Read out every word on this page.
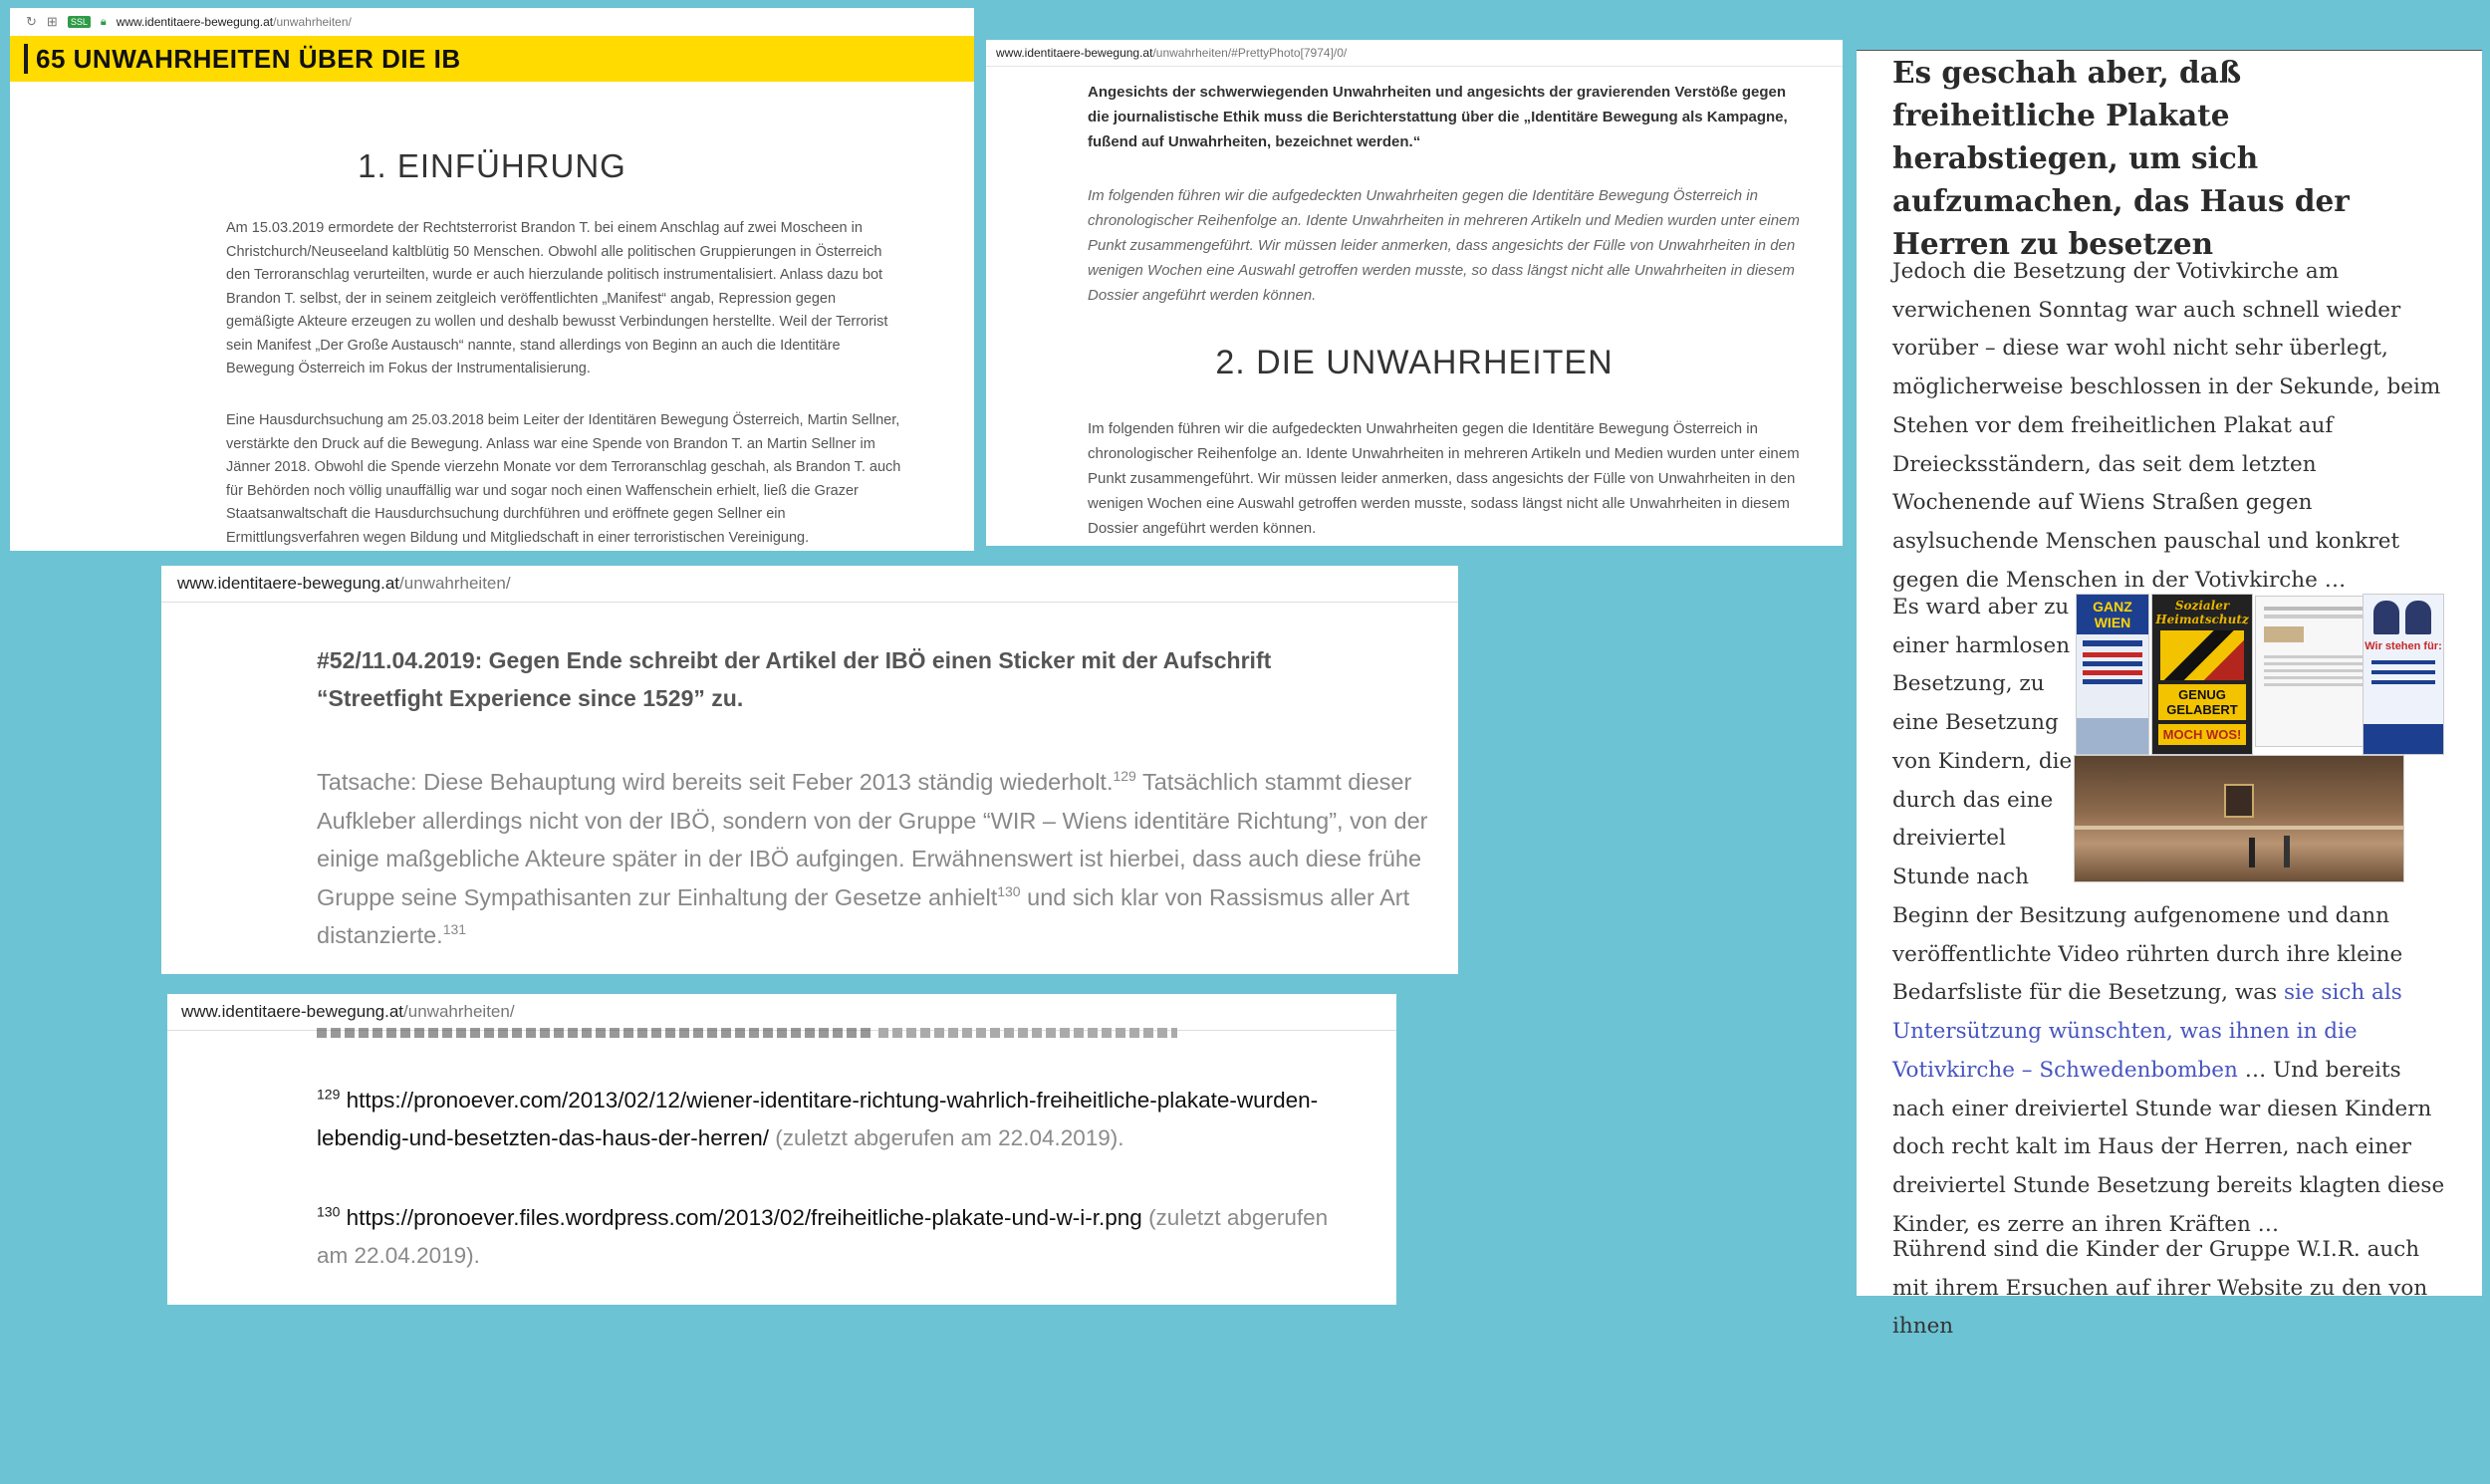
↻ ⊞	SSL 🔒︎ www.identitaere-bewegung.at/unwahrheiten/
65 UNWAHRHEITEN ÜBER DIE IB
1. EINFÜHRUNG

Am 15.03.2019 ermordete der Rechtsterrorist Brandon T. bei einem Anschlag auf zwei Moscheen in Christchurch/Neuseeland kaltblütig 50 Menschen. Obwohl alle politischen Gruppierungen in Österreich den Terroranschlag verurteilten, wurde er auch hierzulande politisch instrumentalisiert. Anlass dazu bot Brandon T. selbst, der in seinem zeitgleich veröffentlichten „Manifest“ angab, Repression gegen gemäßigte Akteure erzeugen zu wollen und deshalb bewusst Verbindungen herstellte. Weil der Terrorist sein Manifest „Der Große Austausch“ nannte, stand allerdings von Beginn an auch die Identitäre Bewegung Österreich im Fokus der Instrumentalisierung.

Eine Hausdurchsuchung am 25.03.2018 beim Leiter der Identitären Bewegung Österreich, Martin Sellner, verstärkte den Druck auf die Bewegung. Anlass war eine Spende von Brandon T. an Martin Sellner im Jänner 2018. Obwohl die Spende vierzehn Monate vor dem Terroranschlag geschah, als Brandon T. auch für Behörden noch völlig unauffällig war und sogar noch einen Waffenschein erhielt, ließ die Grazer Staatsanwaltschaft die Hausdurchsuchung durchführen und eröffnete gegen Sellner ein Ermittlungsverfahren wegen Bildung und Mitgliedschaft in einer terroristischen Vereinigung.

www.identitaere-bewegung.at/unwahrheiten/#PrettyPhoto[7974]/0/

Angesichts der schwerwiegenden Unwahrheiten und angesichts der gravierenden Verstöße gegen die journalistische Ethik muss die Berichterstattung über die „Identitäre Bewegung als Kampagne, fußend auf Unwahrheiten, bezeichnet werden.“

Im folgenden führen wir die aufgedeckten Unwahrheiten gegen die Identitäre Bewegung Österreich in chronologischer Reihenfolge an. Idente Unwahrheiten in mehreren Artikeln und Medien wurden unter einem Punkt zusammengeführt. Wir müssen leider anmerken, dass angesichts der Fülle von Unwahrheiten in den wenigen Wochen eine Auswahl getroffen werden musste, so dass längst nicht alle Unwahrheiten in diesem Dossier angeführt werden können.

2. DIE UNWAHRHEITEN

Im folgenden führen wir die aufgedeckten Unwahrheiten gegen die Identitäre Bewegung Österreich in chronologischer Reihenfolge an. Idente Unwahrheiten in mehreren Artikeln und Medien wurden unter einem Punkt zusammengeführt. Wir müssen leider anmerken, dass angesichts der Fülle von Unwahrheiten in den wenigen Wochen eine Auswahl getroffen werden musste, sodass längst nicht alle Unwahrheiten in diesem Dossier angeführt werden können.

Es geschah aber, daß freiheitliche Plakate herabstiegen, um sich aufzumachen, das Haus der Herren zu besetzen

Jedoch die Besetzung der Votivkirche am verwichenen Sonntag war auch schnell wieder vorüber – diese war wohl nicht sehr überlegt, möglicherweise beschlossen in der Sekunde, beim Stehen vor dem freiheitlichen Plakat auf Dreiecksständern, das seit dem letzten Wochenende auf Wiens Straßen gegen asylsuchende Menschen pauschal und konkret gegen die Menschen in der Votivkirche …

Es ward aber zu
einer harmlosen
Besetzung, zu
eine Besetzung
von Kindern, die
durch das eine
dreiviertel
Stunde nach

Beginn der Besitzung aufgenomene und dann veröffentlichte Video rührten durch ihre kleine Bedarfsliste für die Besetzung, was sie sich als Untersützung wünschten, was ihnen in die Votivkirche – Schwedenbomben … Und bereits nach einer dreiviertel Stunde war diesen Kindern doch recht kalt im Haus der Herren, nach einer dreiviertel Stunde Besetzung bereits klagten diese Kinder, es zerre an ihren Kräften …

Rührend sind die Kinder der Gruppe W.I.R. auch mit ihrem Ersuchen auf ihrer Website zu den von ihnen

GANZ WIEN
Sozialer Heimatschutz
GENUG GELABERT
MOCH WOS!
Wir stehen für:
www.identitaere-bewegung.at/unwahrheiten/

#52/11.04.2019: Gegen Ende schreibt der Artikel der IBÖ einen Sticker mit der Aufschrift “Streetfight Experience since 1529” zu.

Tatsache: Diese Behauptung wird bereits seit Feber 2013 ständig wiederholt.$^{129}$ Tatsächlich stammt dieser Aufkleber allerdings nicht von der IBÖ, sondern von der Gruppe “WIR – Wiens identitäre Richtung”, von der einige maßgebliche Akteure später in der IBÖ aufgingen. Erwähnenswert ist hierbei, dass auch diese frühe Gruppe seine Sympathisanten zur Einhaltung der Gesetze anhielt$^{130}$ und sich klar von Rassismus aller Art distanzierte.$^{131}$

www.identitaere-bewegung.at/unwahrheiten/

$^{129}$ https://pronoever.com/2013/02/12/wiener-identitare-richtung-wahrlich-freiheitliche-plakate-wurden-lebendig-und-besetzten-das-haus-der-herren/ (zuletzt abgerufen am 22.04.2019).

$^{130}$ https://pronoever.files.wordpress.com/2013/02/freiheitliche-plakate-und-w-i-r.png (zuletzt abgerufen am 22.04.2019).
